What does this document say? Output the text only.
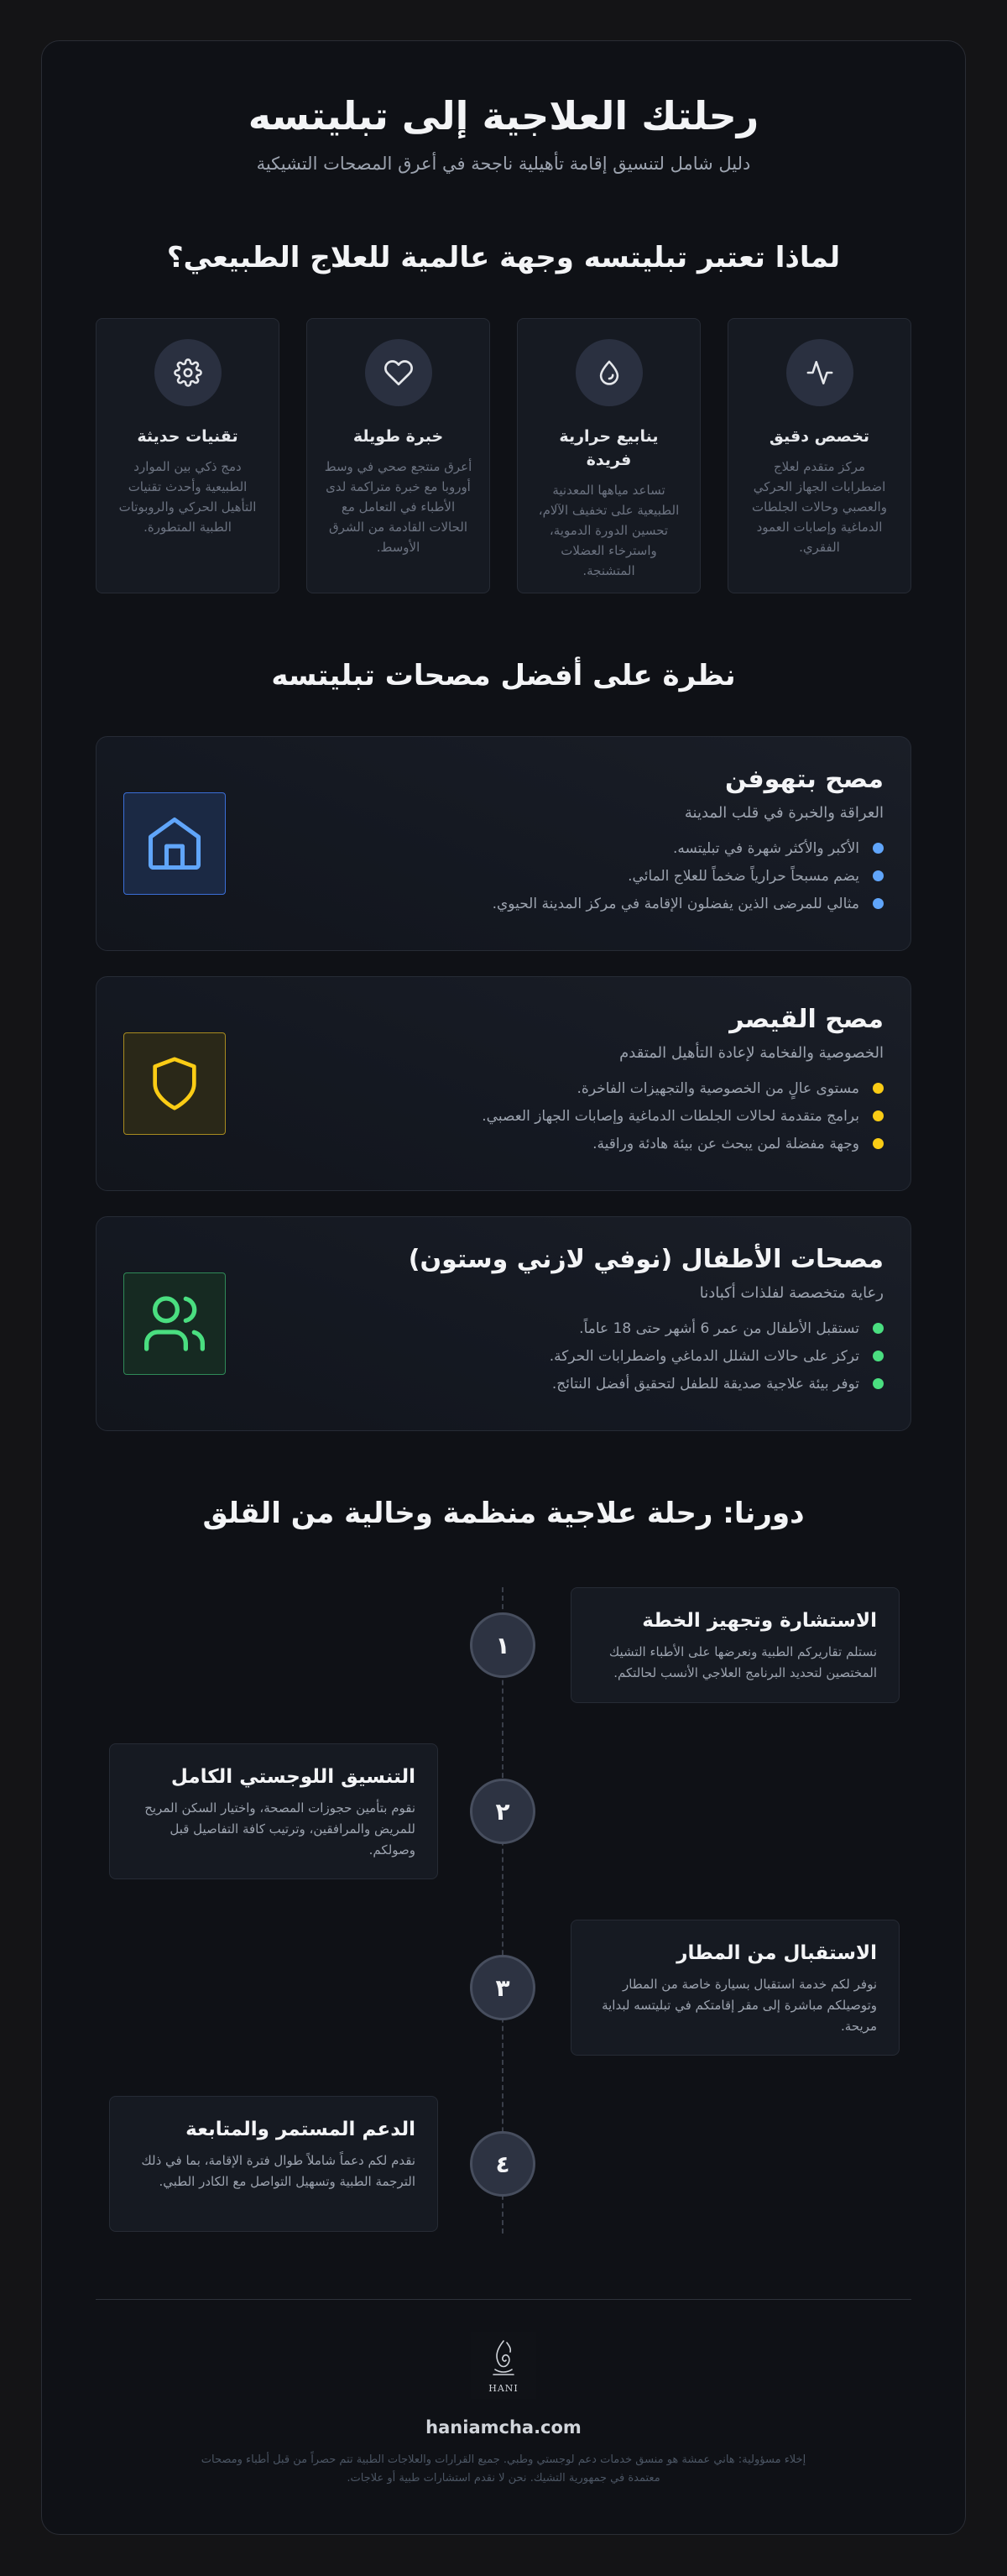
رحلتك العلاجية إلى تبليتسه

دليل شامل لتنسيق إقامة تأهيلية ناجحة في أعرق المصحات التشيكية

لماذا تعتبر تبليتسه وجهة عالمية للعلاج الطبيعي؟
تخصص دقيق
مركز متقدم لعلاج اضطرابات الجهاز الحركي والعصبي وحالات الجلطات الدماغية وإصابات العمود الفقري.
ينابيع حرارية فريدة
تساعد مياهها المعدنية الطبيعية على تخفيف الآلام، تحسين الدورة الدموية، واسترخاء العضلات المتشنجة.
خبرة طويلة
أعرق منتجع صحي في وسط أوروبا مع خبرة متراكمة لدى الأطباء في التعامل مع الحالات القادمة من الشرق الأوسط.
تقنيات حديثة
دمج ذكي بين الموارد الطبيعية وأحدث تقنيات التأهيل الحركي والروبوتات الطبية المتطورة.
نظرة على أفضل مصحات تبليتسه
مصح بتهوفن
العراقة والخبرة في قلب المدينة
الأكبر والأكثر شهرة في تبليتسه.
يضم مسبحاً حرارياً ضخماً للعلاج المائي.
مثالي للمرضى الذين يفضلون الإقامة في مركز المدينة الحيوي.
مصح القيصر
الخصوصية والفخامة لإعادة التأهيل المتقدم
مستوى عالٍ من الخصوصية والتجهيزات الفاخرة.
برامج متقدمة لحالات الجلطات الدماغية وإصابات الجهاز العصبي.
وجهة مفضلة لمن يبحث عن بيئة هادئة وراقية.
مصحات الأطفال (نوفي لازني وستون)
رعاية متخصصة لفلذات أكبادنا
تستقبل الأطفال من عمر 6 أشهر حتى 18 عاماً.
تركز على حالات الشلل الدماغي واضطرابات الحركة.
توفر بيئة علاجية صديقة للطفل لتحقيق أفضل النتائج.
دورنا: رحلة علاجية منظمة وخالية من القلق
الاستشارة وتجهيز الخطة
نستلم تقاريركم الطبية ونعرضها على الأطباء التشيك المختصين لتحديد البرنامج العلاجي الأنسب لحالتكم.
١
التنسيق اللوجستي الكامل
نقوم بتأمين حجوزات المصحة، واختيار السكن المريح للمريض والمرافقين، وترتيب كافة التفاصيل قبل وصولكم.
٢
الاستقبال من المطار
نوفر لكم خدمة استقبال بسيارة خاصة من المطار وتوصيلكم مباشرة إلى مقر إقامتكم في تبليتسه لبداية مريحة.
٣
الدعم المستمر والمتابعة
نقدم لكم دعماً شاملاً طوال فترة الإقامة، بما في ذلك الترجمة الطبية وتسهيل التواصل مع الكادر الطبي.
٤
HANI
haniamcha.com

إخلاء مسؤولية: هاني عمشة هو منسق خدمات دعم لوجستي وطبي. جميع القرارات والعلاجات الطبية تتم حصراً من قبل أطباء ومصحات معتمدة في جمهورية التشيك. نحن لا نقدم استشارات طبية أو علاجات.
